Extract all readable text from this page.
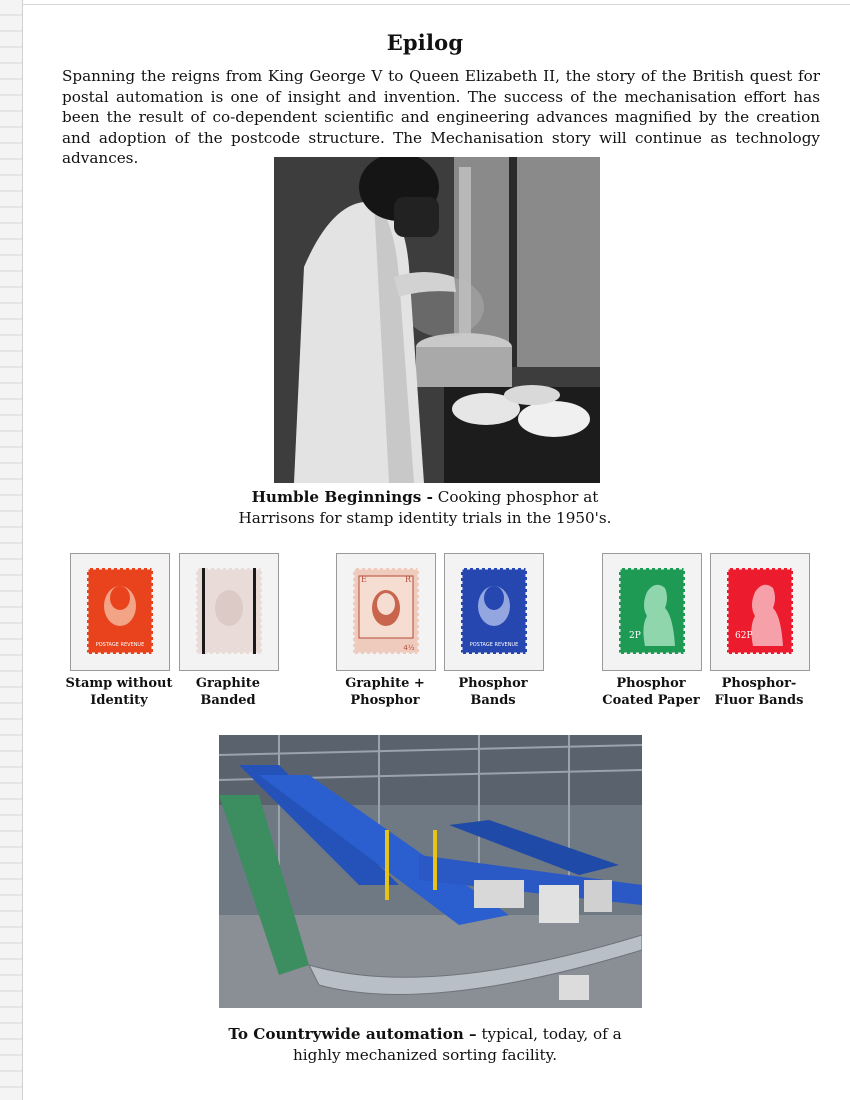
Epilog
Spanning the reigns from King George V to Queen Elizabeth II, the story of the British quest for postal automation is one of insight and invention. The success of the mechanisation effort has been the result of co-dependent scientific and engineering advances magnified by the creation and adoption of the postcode structure. The Mechanisation story will continue as technology advances.
Humble Beginnings - Cooking phosphor at
Harrisons for stamp identity trials in the 1950's.
POSTAGE REVENUE
E	R
4½	POSTAGE REVENUE
2P	62P
Stamp without
Identity
Graphite
Banded
Graphite +
Phosphor
Phosphor
Bands
Phosphor
Coated Paper
Phosphor-
Fluor Bands
To Countrywide automation – typical, today, of a
highly mechanized sorting facility.
